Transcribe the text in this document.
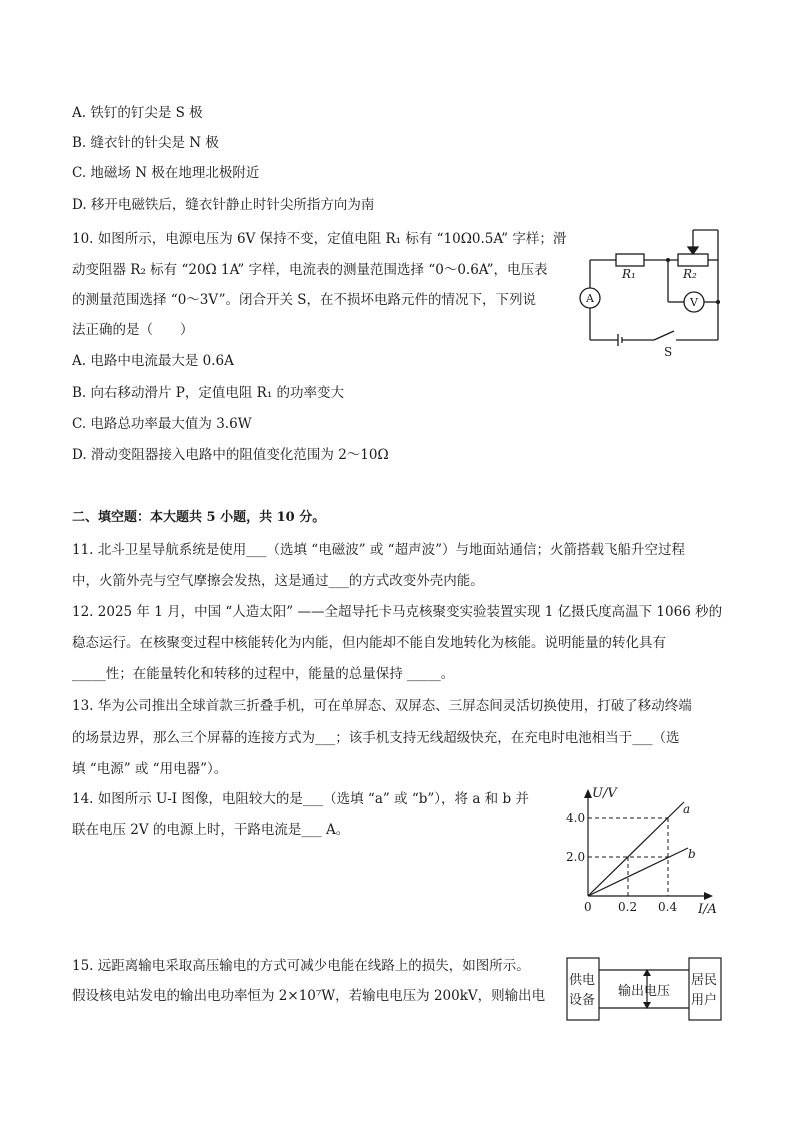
A. 铁钉的钉尖是 S 极
B. 缝衣针的针尖是 N 极
C. 地磁场 N 极在地理北极附近
D. 移开电磁铁后，缝衣针静止时针尖所指方向为南
10. 如图所示，电源电压为 6V 保持不变，定值电阻 R₁ 标有 “10Ω0.5A” 字样；滑
动变阻器 R₂ 标有 “20Ω 1A” 字样，电流表的测量范围选择 “0～0.6A”，电压表
的测量范围选择 “0～3V”。闭合开关 S，在不损坏电路元件的情况下，下列说
法正确的是（　　）
A. 电路中电流最大是 0.6A
B. 向右移动滑片 P，定值电阻 R₁ 的功率变大
C. 电路总功率最大值为 3.6W
D. 滑动变阻器接入电路中的阻值变化范围为 2～10Ω
R₁	R₂
A	V
S
二、填空题：本大题共 5 小题，共 10 分。
11. 北斗卫星导航系统是使用___（选填 “电磁波” 或 “超声波”）与地面站通信；火箭搭载飞船升空过程
中，火箭外壳与空气摩擦会发热，这是通过___的方式改变外壳内能。
12. 2025 年 1 月，中国 “人造太阳” ——全超导托卡马克核聚变实验装置实现 1 亿摄氏度高温下 1066 秒的
稳态运行。在核聚变过程中核能转化为内能，但内能却不能自发地转化为核能。说明能量的转化具有
_____性；在能量转化和转移的过程中，能量的总量保持 _____。
13. 华为公司推出全球首款三折叠手机，可在单屏态、双屏态、三屏态间灵活切换使用，打破了移动终端
的场景边界，那么三个屏幕的连接方式为___；该手机支持无线超级快充，在充电时电池相当于___（选
填 “电源” 或 “用电器”）。
14. 如图所示 U-I 图像，电阻较大的是___（选填 “a” 或 “b”），将 a 和 b 并
联在电压 2V 的电源上时，干路电流是___ A。
U/V
I/A
0
2.0
4.0
0.2 0.4
a
b
15. 远距离输电采取高压输电的方式可减少电能在线路上的损失，如图所示。
假设核电站发电的输出电功率恒为 2×10⁷W，若输电电压为 200kV，则输出电
供电
设备
输出电压
居民
用户
